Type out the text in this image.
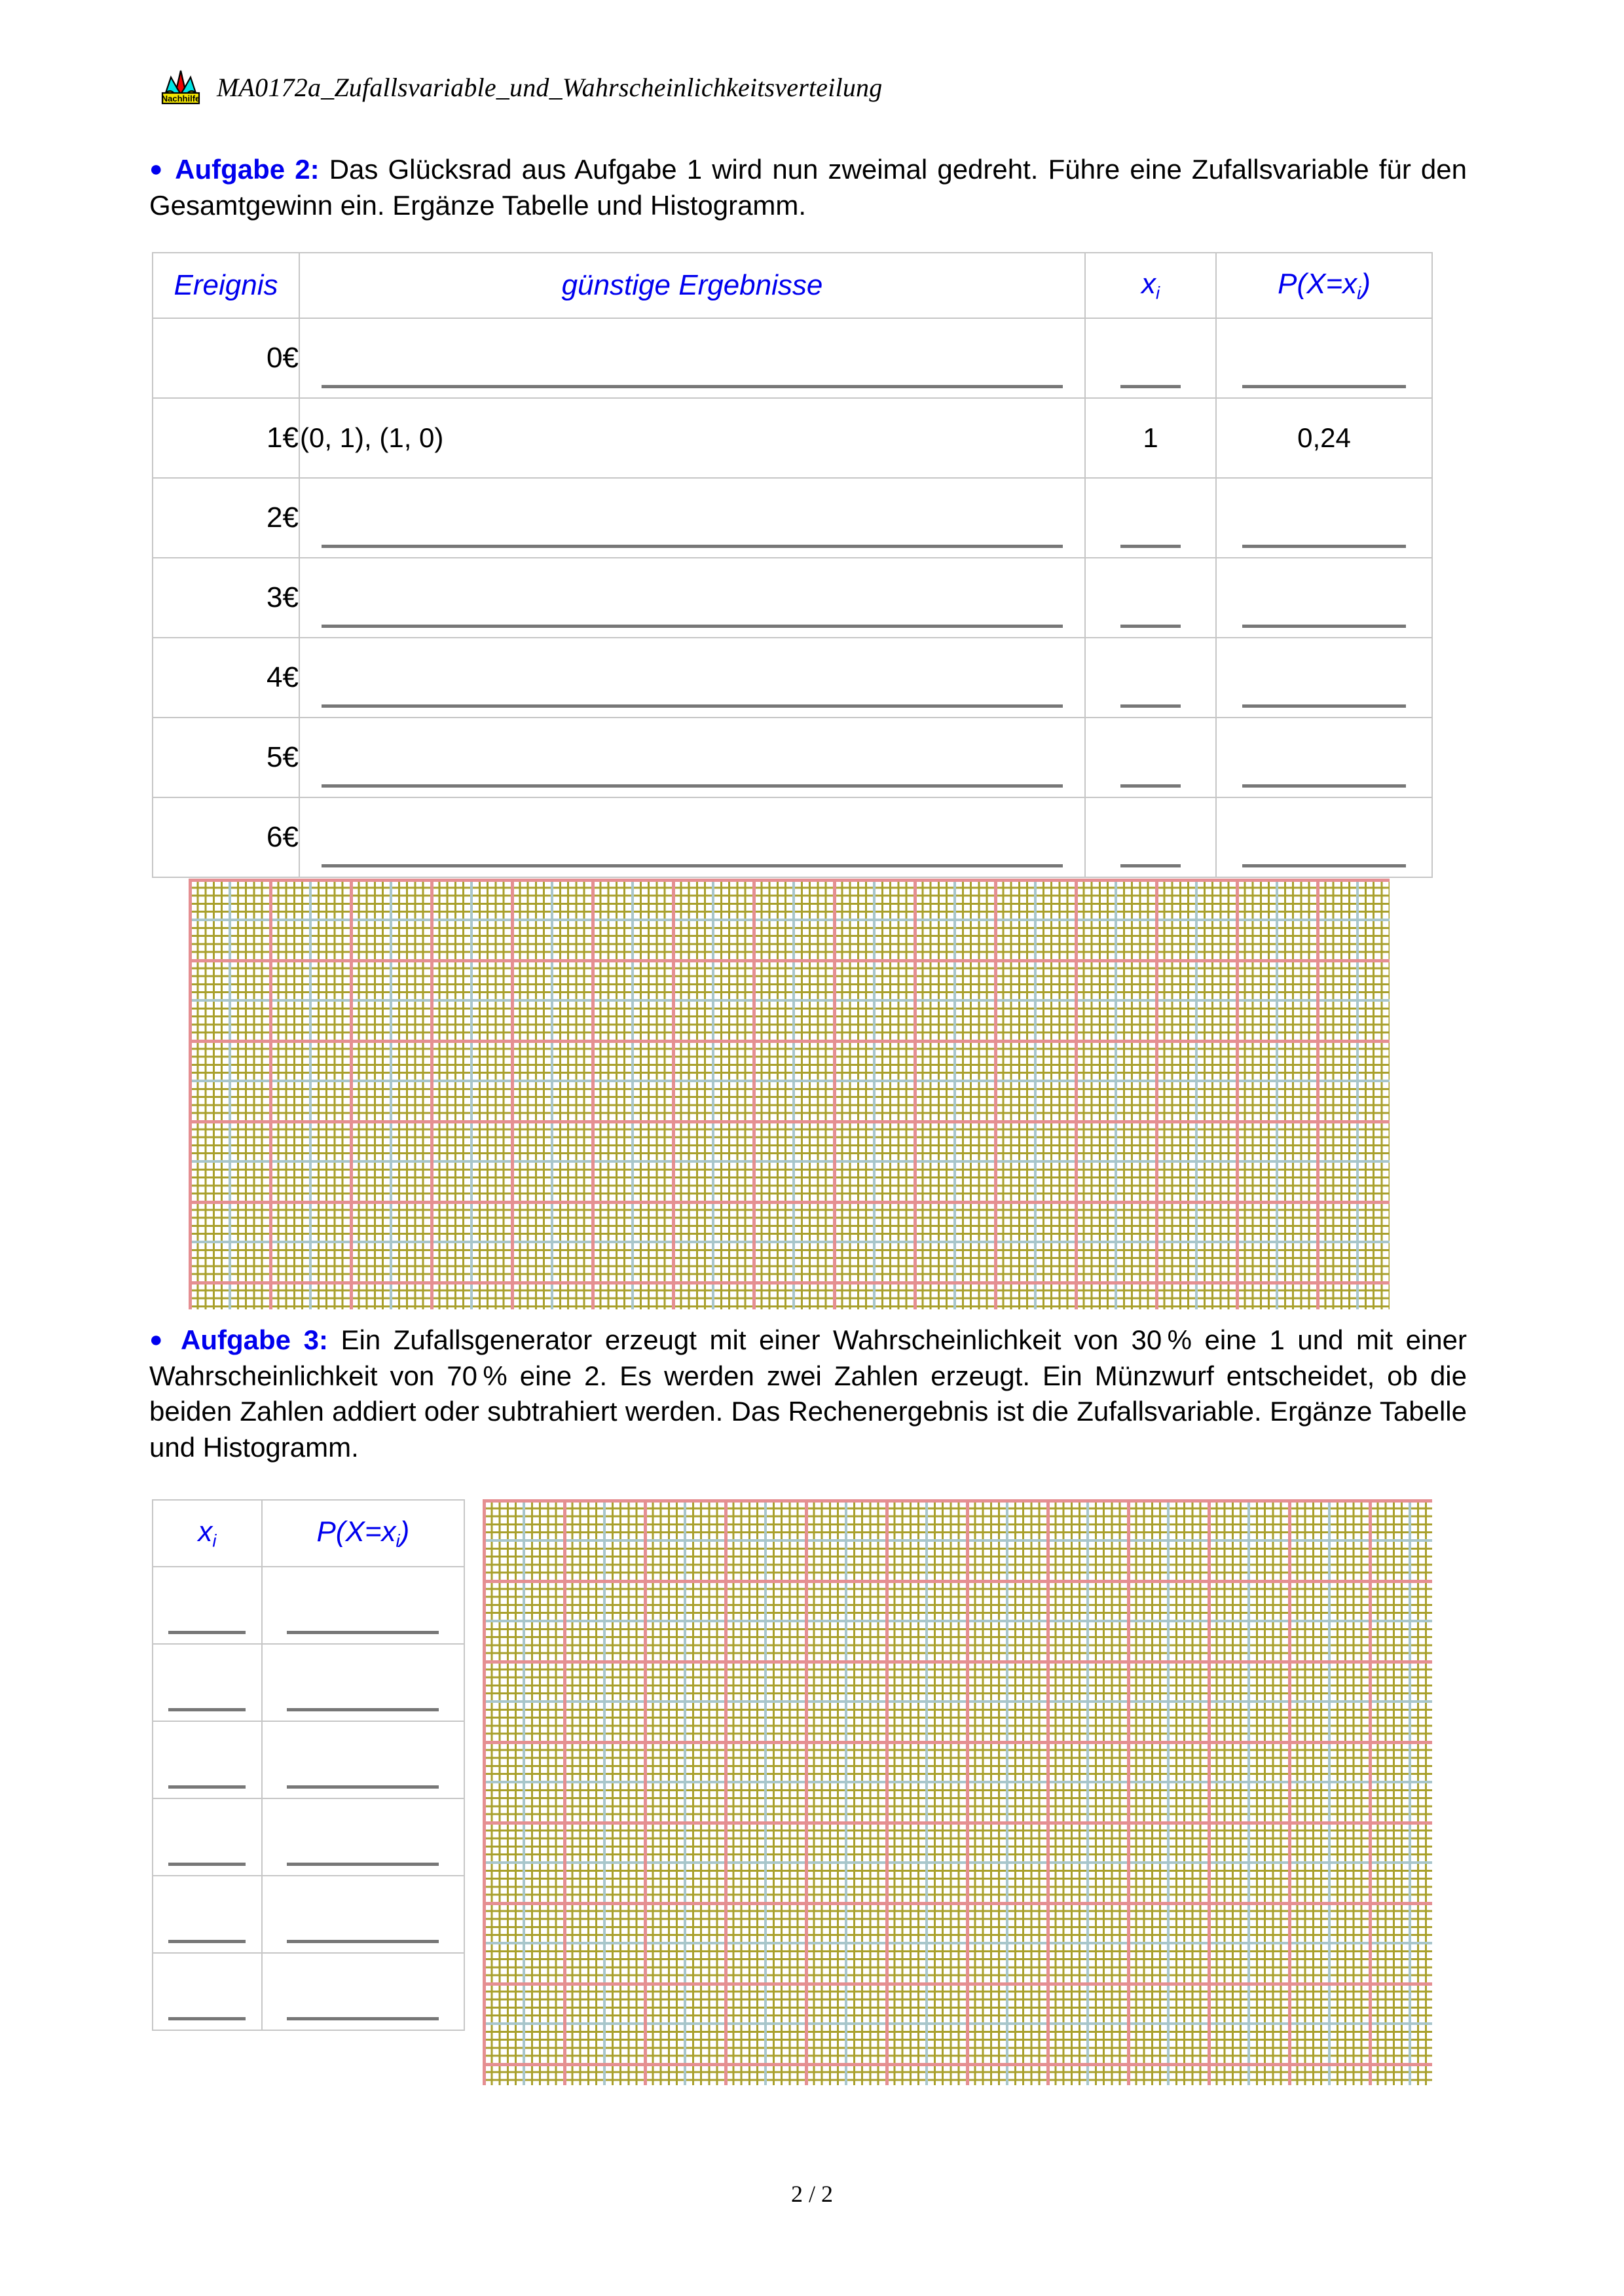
Nachhilfe MA0172a_Zufallsvariable_und_Wahrscheinlichkeitsverteilung
● Aufgabe 2: Das Glücksrad aus Aufgabe 1 wird nun zweimal gedreht. Führe eine Zufallsvariable für den Gesamtgewinn ein. Ergänze Tabelle und Histogramm.
Ereignis	günstige Ergebnisse	$x_i$	$P(X=x_i)$
0€	

1€	(0, 1), (1, 0)	1	0,24
2€	

3€	

4€	

5€	

6€	

● Aufgabe 3: Ein Zufallsgenerator erzeugt mit einer Wahrscheinlichkeit von 30 % eine 1 und mit einer Wahrscheinlichkeit von 70 % eine 2. Es werden zwei Zahlen erzeugt. Ein Münzwurf entscheidet, ob die beiden Zahlen addiert oder subtrahiert werden. Das Rechenergebnis ist die Zufallsvariable. Ergänze Tabelle und Histogramm.
$x_i$	$P(X=x_i)$

2 / 2
